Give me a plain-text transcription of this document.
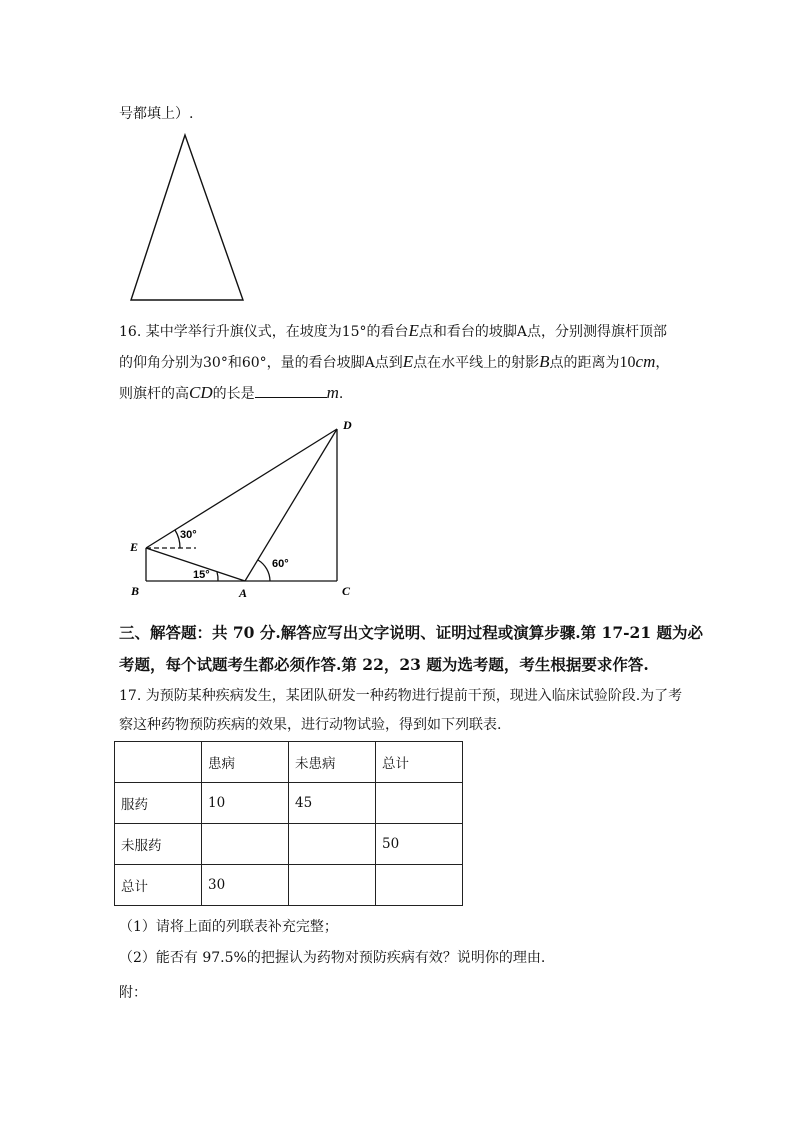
号都填上）.
D
E
B	A	C
30°
60°
15°
16. 某中学举行升旗仪式，在坡度为15°的看台E点和看台的坡脚A点，分别测得旗杆顶部
的仰角分别为30°和60°，量的看台坡脚A点到E点在水平线上的射影B点的距离为10cm，
则旗杆的高CD的长是	m.
三、解答题：共 70 分.解答应写出文字说明、证明过程或演算步骤.第 17-21 题为必
考题，每个试题考生都必须作答.第 22，23 题为选考题，考生根据要求作答.
17. 为预防某种疾病发生，某团队研发一种药物进行提前干预，现进入临床试验阶段.为了考
察这种药物预防疾病的效果，进行动物试验，得到如下列联表.
	患病	未患病	总计
服药	10	45	
未服药			50
总计	30		
（1）请将上面的列联表补充完整；
（2）能否有 97.5%的把握认为药物对预防疾病有效？说明你的理由.
附：
